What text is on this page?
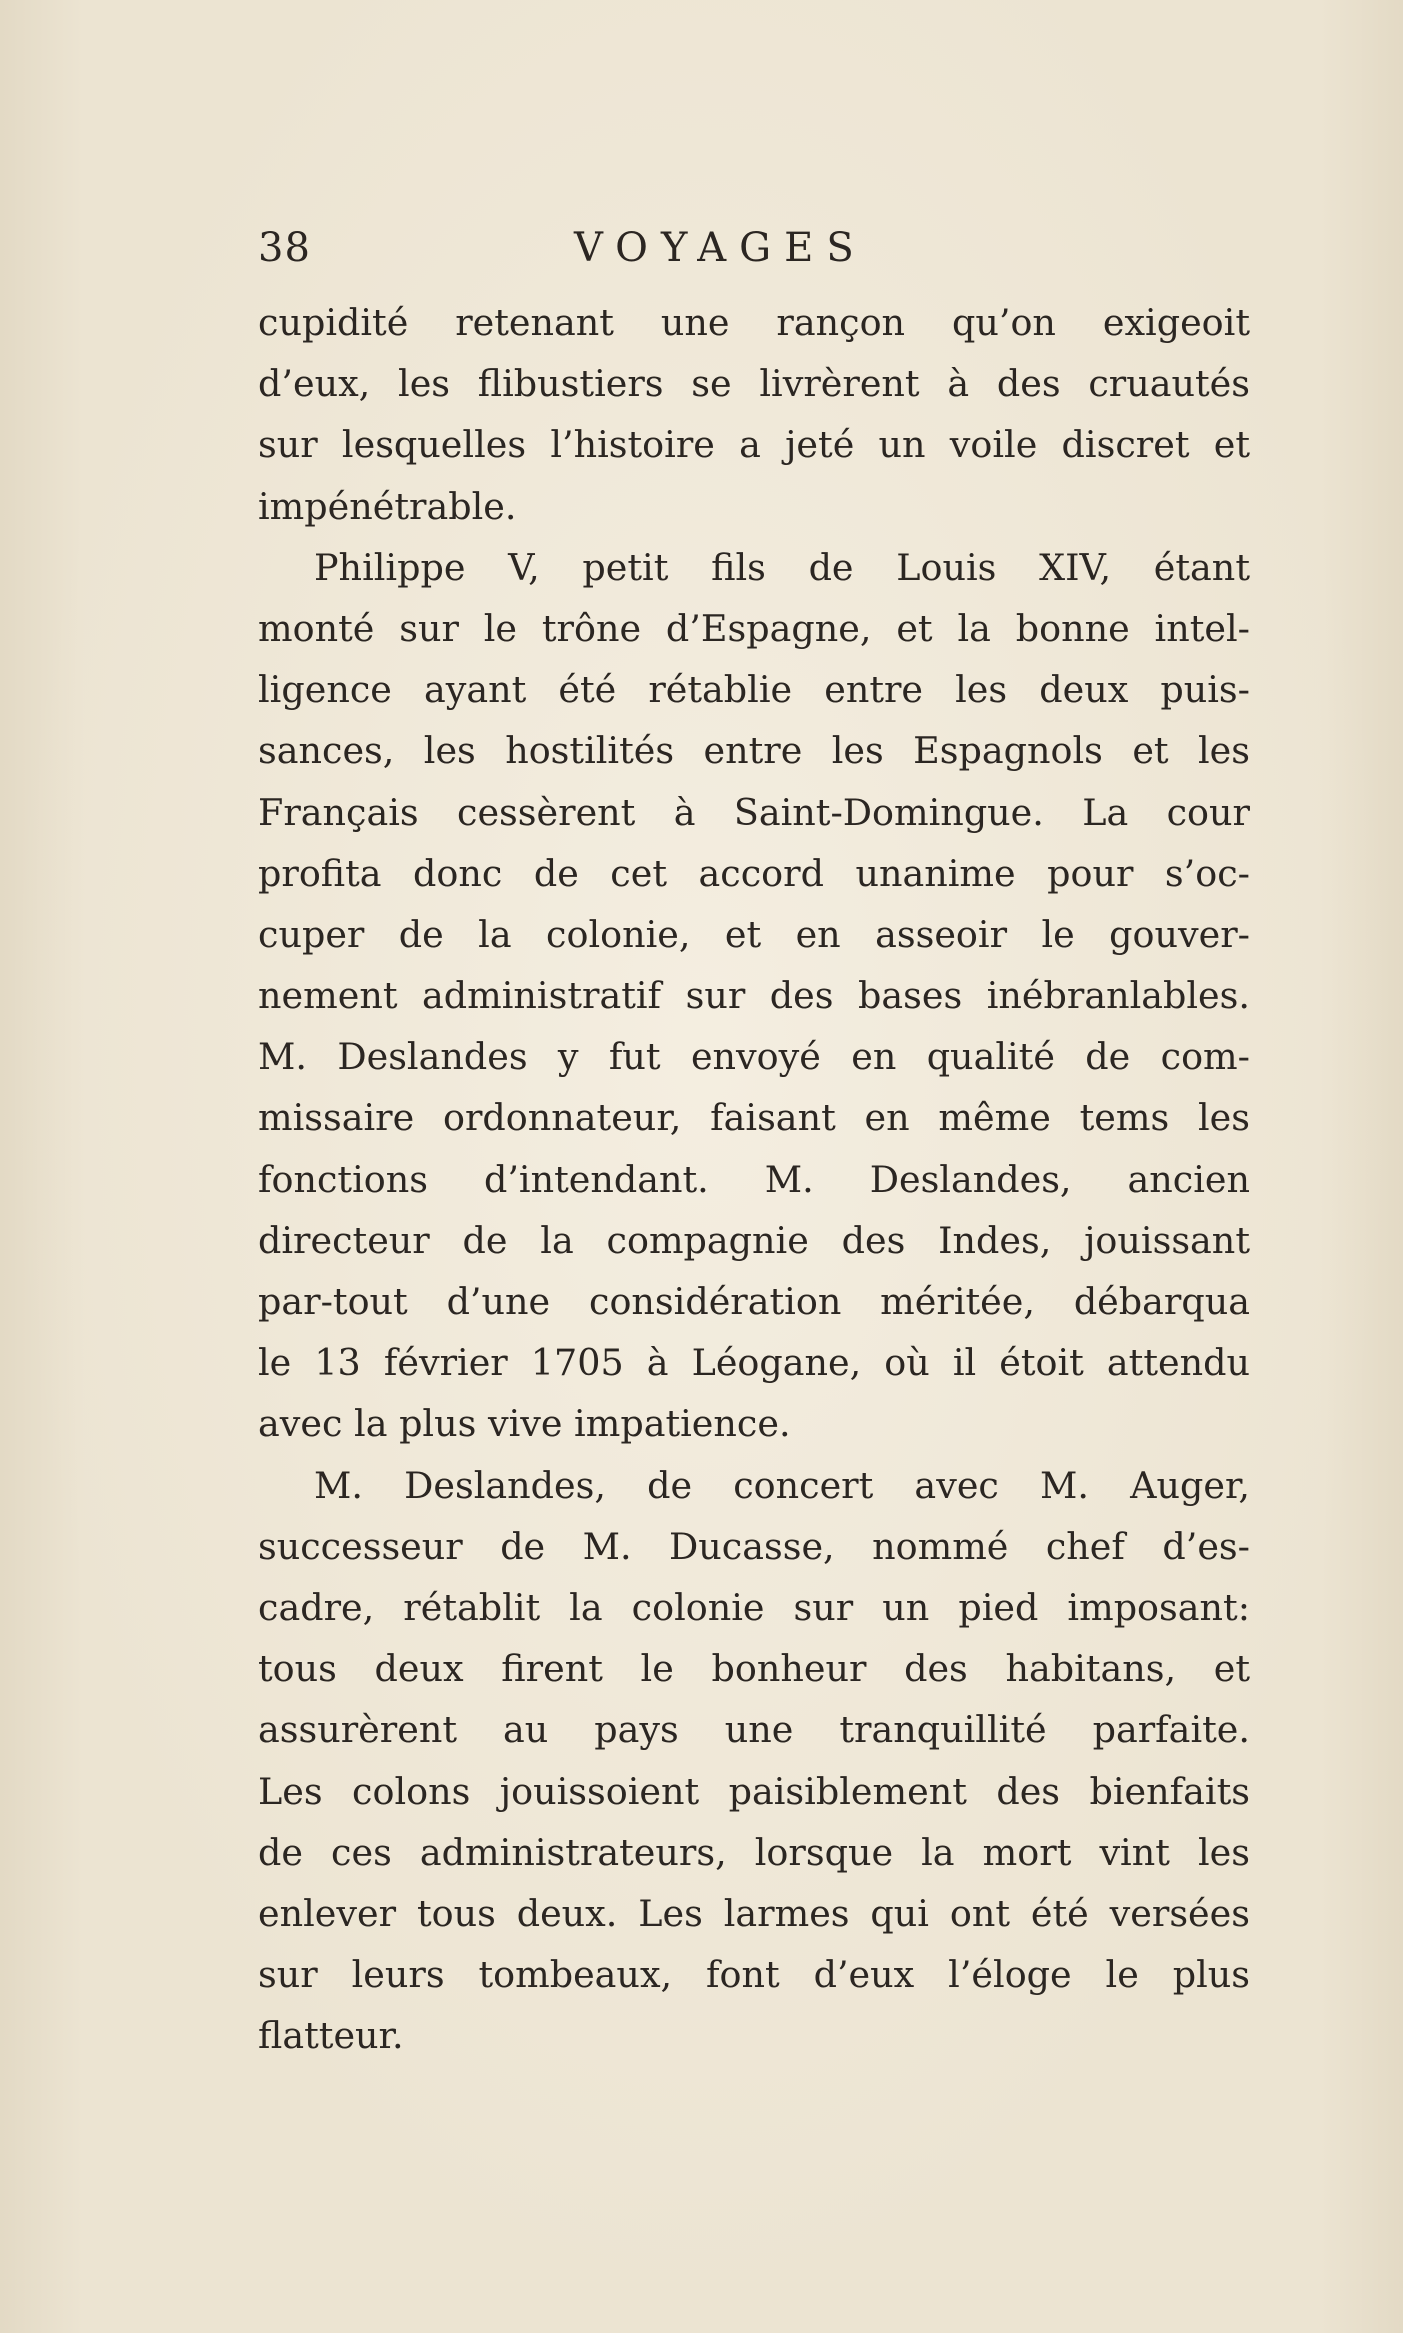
38	VOYAGES
cupidité retenant une rançon qu’on exigeoit
d’eux, les flibustiers se livrèrent à des cruautés
sur lesquelles l’histoire a jeté un voile discret et
impénétrable.
Philippe V, petit fils de Louis XIV, étant
monté sur le trône d’Espagne, et la bonne intel-
ligence ayant été rétablie entre les deux puis-
sances, les hostilités entre les Espagnols et les
Français cessèrent à Saint-Domingue. La cour
profita donc de cet accord unanime pour s’oc-
cuper de la colonie, et en asseoir le gouver-
nement administratif sur des bases inébranlables.
M. Deslandes y fut envoyé en qualité de com-
missaire ordonnateur, faisant en même tems les
fonctions d’intendant. M. Deslandes, ancien
directeur de la compagnie des Indes, jouissant
par-tout d’une considération méritée, débarqua
le 13 février 1705 à Léogane, où il étoit attendu
avec la plus vive impatience.
M. Deslandes, de concert avec M. Auger,
successeur de M. Ducasse, nommé chef d’es-
cadre, rétablit la colonie sur un pied imposant:
tous deux firent le bonheur des habitans, et
assurèrent au pays une tranquillité parfaite.
Les colons jouissoient paisiblement des bienfaits
de ces administrateurs, lorsque la mort vint les
enlever tous deux. Les larmes qui ont été versées
sur leurs tombeaux, font d’eux l’éloge le plus
flatteur.
